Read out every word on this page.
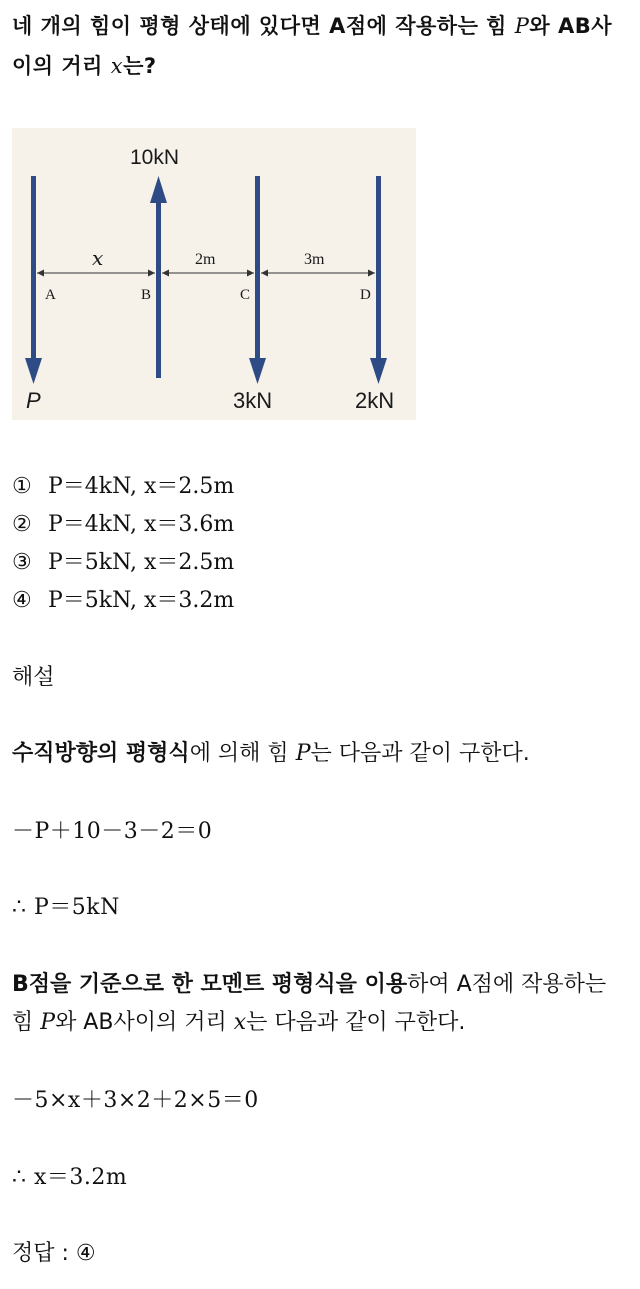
네 개의 힘이 평형 상태에 있다면 A점에 작용하는 힘 P와 AB사이의 거리 x는?
10kN
x	2m	3m
A	B	C	D
P	3kN	2kN
① P＝4kN, x＝2.5m
② P＝4kN, x＝3.6m
③ P＝5kN, x＝2.5m
④ P＝5kN, x＝3.2m
해설
수직방향의 평형식에 의해 힘 P는 다음과 같이 구한다.
－P＋10－3－2＝0
∴ P＝5kN
B점을 기준으로 한 모멘트 평형식을 이용하여 A점에 작용하는 힘 P와 AB사이의 거리 x는 다음과 같이 구한다.
－5×x＋3×2＋2×5＝0
∴ x＝3.2m
정답 : ④
